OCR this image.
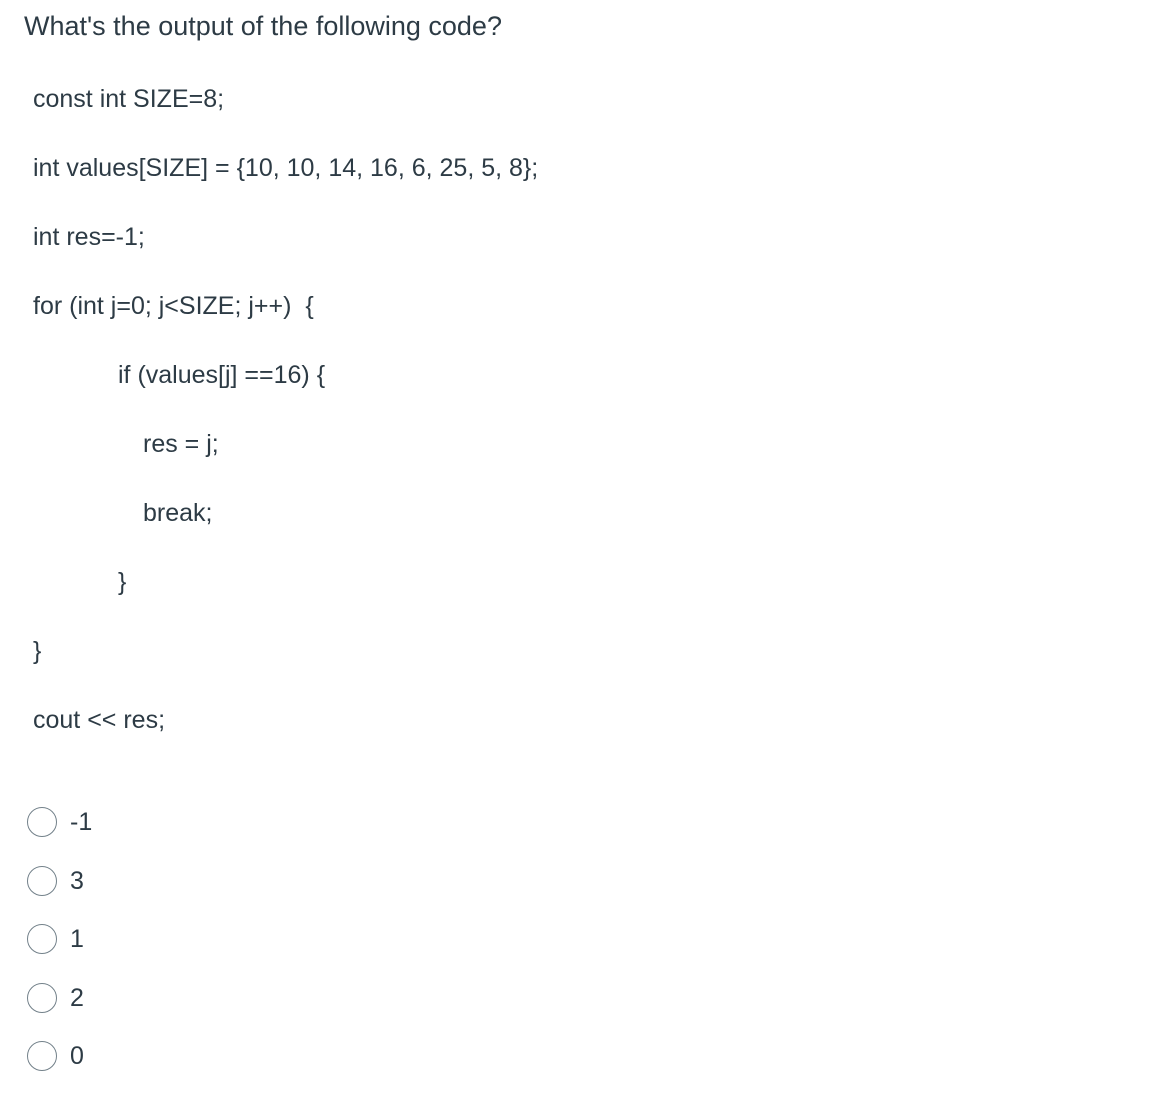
What's the output of the following code?
const int SIZE=8;
int values[SIZE] = {10, 10, 14, 16, 6, 25, 5, 8};
int res=-1;
for (int j=0; j<SIZE; j++)  {
if (values[j] ==16) {
res = j;
break;
}
}
cout << res;
-1
3
1
2
0
